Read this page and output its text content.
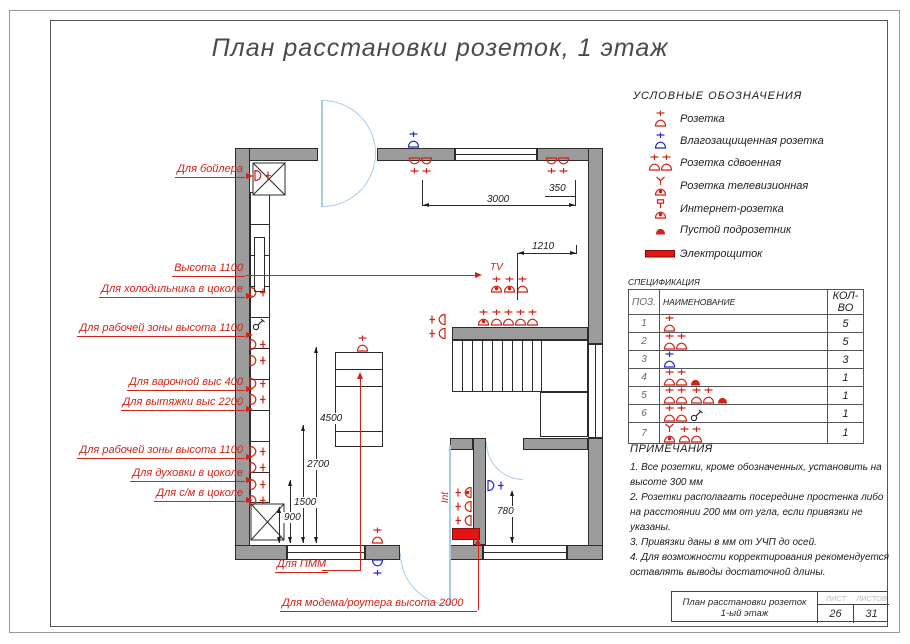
План расстановки розеток, 1 этаж
TV
Int
3000
350
1210
4500
2700
1500
900
780
Для бойлера
Высота 1100
Для холодильника в цоколе
Для рабочей зоны высота 1100
Для варочной выс 400
Для вытяжки выс 2200
Для рабочей зоны высота 1100
Для духовки в цоколе
Для с/м в цоколе
Для ПММ
Для модема/роутера высота 2000
УСЛОВНЫЕ ОБОЗНАЧЕНИЯ
Розетка
Влагозащищенная розетка
Розетка сдвоенная
Розетка телевизионная
Интернет-розетка
Пустой подрозетник
Электрощиток
СПЕЦИФИКАЦИЯ
ПОЗ.	НАИМЕНОВАНИЕ	КОЛ-ВО
1		5
2		5
3		3
4		1
5		1
6		1
7		1
ПРИМЕЧАНИЯ
1. Все розетки, кроме обозначенных, установить на
высоте 300 мм
2. Розетки располагать посередине простенка либо
на расстоянии 200 мм от угла, если привязки не указаны.
3. Привязки даны в мм от УЧП до осей.
4. Для возможности корректирования рекомендуется
оставлять выводы достаточной длины.
План расстановки розеток
1-ый этаж
ЛИСТ	ЛИСТОВ
26	31
